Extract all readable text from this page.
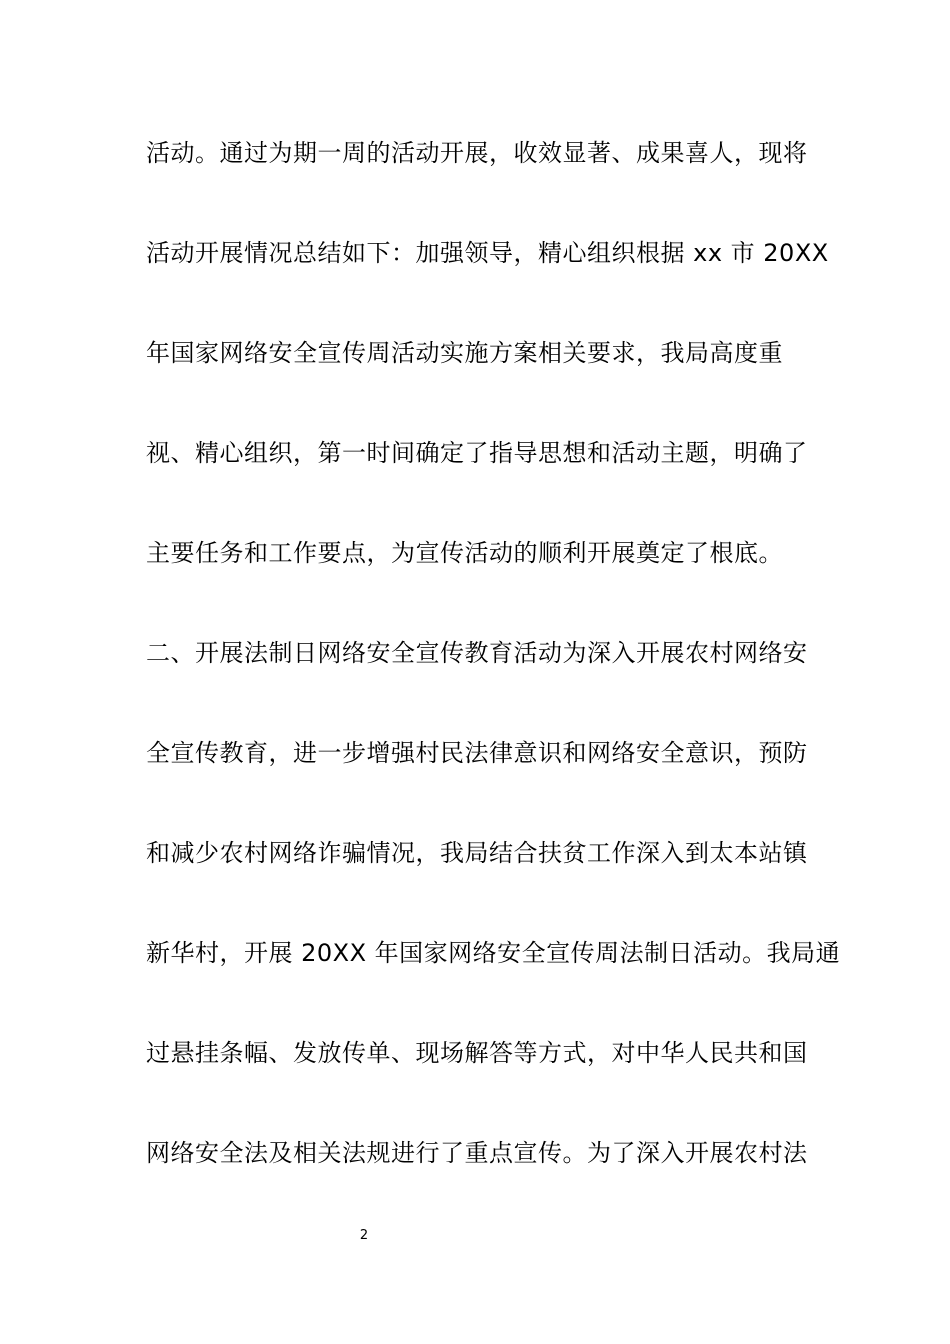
活动。通过为期一周的活动开展，收效显著、成果喜人，现将
活动开展情况总结如下：加强领导，精心组织根据 xx 市 20XX
年国家网络安全宣传周活动实施方案相关要求，我局高度重
视、精心组织，第一时间确定了指导思想和活动主题，明确了
主要任务和工作要点，为宣传活动的顺利开展奠定了根底。
二、开展法制日网络安全宣传教育活动为深入开展农村网络安
全宣传教育，进一步增强村民法律意识和网络安全意识，预防
和减少农村网络诈骗情况，我局结合扶贫工作深入到太本站镇
新华村，开展 20XX 年国家网络安全宣传周法制日活动。我局通
过悬挂条幅、发放传单、现场解答等方式，对中华人民共和国
网络安全法及相关法规进行了重点宣传。为了深入开展农村法
2
